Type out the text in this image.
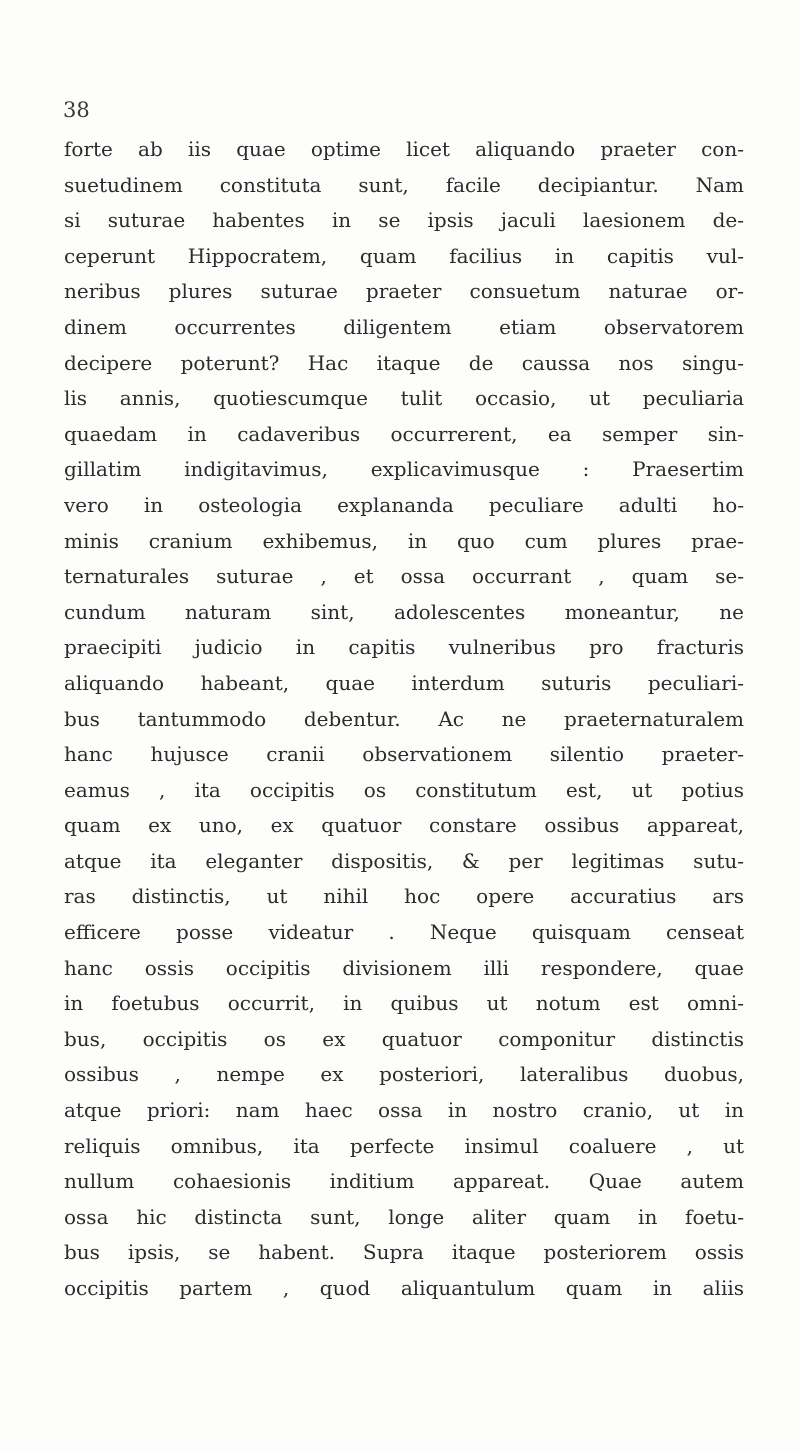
38

forte ab iis quae optime licet aliquando praeter con-
suetudinem constituta sunt, facile decipiantur. Nam
si suturae habentes in se ipsis jaculi laesionem de-
ceperunt Hippocratem, quam facilius in capitis vul-
neribus plures suturae praeter consuetum naturae or-
dinem occurrentes diligentem etiam observatorem
decipere poterunt? Hac itaque de caussa nos singu-
lis annis, quotiescumque tulit occasio, ut peculiaria
quaedam in cadaveribus occurrerent, ea semper sin-
gillatim indigitavimus, explicavimusque : Praesertim
vero in osteologia explananda peculiare adulti ho-
minis cranium exhibemus, in quo cum plures prae-
ternaturales suturae , et ossa occurrant , quam se-
cundum naturam sint, adolescentes moneantur, ne
praecipiti judicio in capitis vulneribus pro fracturis
aliquando habeant, quae interdum suturis peculiari-
bus tantummodo debentur. Ac ne praeternaturalem
hanc hujusce cranii observationem silentio praeter-
eamus , ita occipitis os constitutum est, ut potius
quam ex uno, ex quatuor constare ossibus appareat,
atque ita eleganter dispositis, & per legitimas sutu-
ras distinctis, ut nihil hoc opere accuratius ars
efficere posse videatur . Neque quisquam censeat
hanc ossis occipitis divisionem illi respondere, quae
in foetubus occurrit, in quibus ut notum est omni-
bus, occipitis os ex quatuor componitur distinctis
ossibus , nempe ex posteriori, lateralibus duobus,
atque priori: nam haec ossa in nostro cranio, ut in
reliquis omnibus, ita perfecte insimul coaluere , ut
nullum cohaesionis inditium appareat. Quae autem
ossa hic distincta sunt, longe aliter quam in foetu-
bus ipsis, se habent. Supra itaque posteriorem ossis
occipitis partem , quod aliquantulum quam in aliis
